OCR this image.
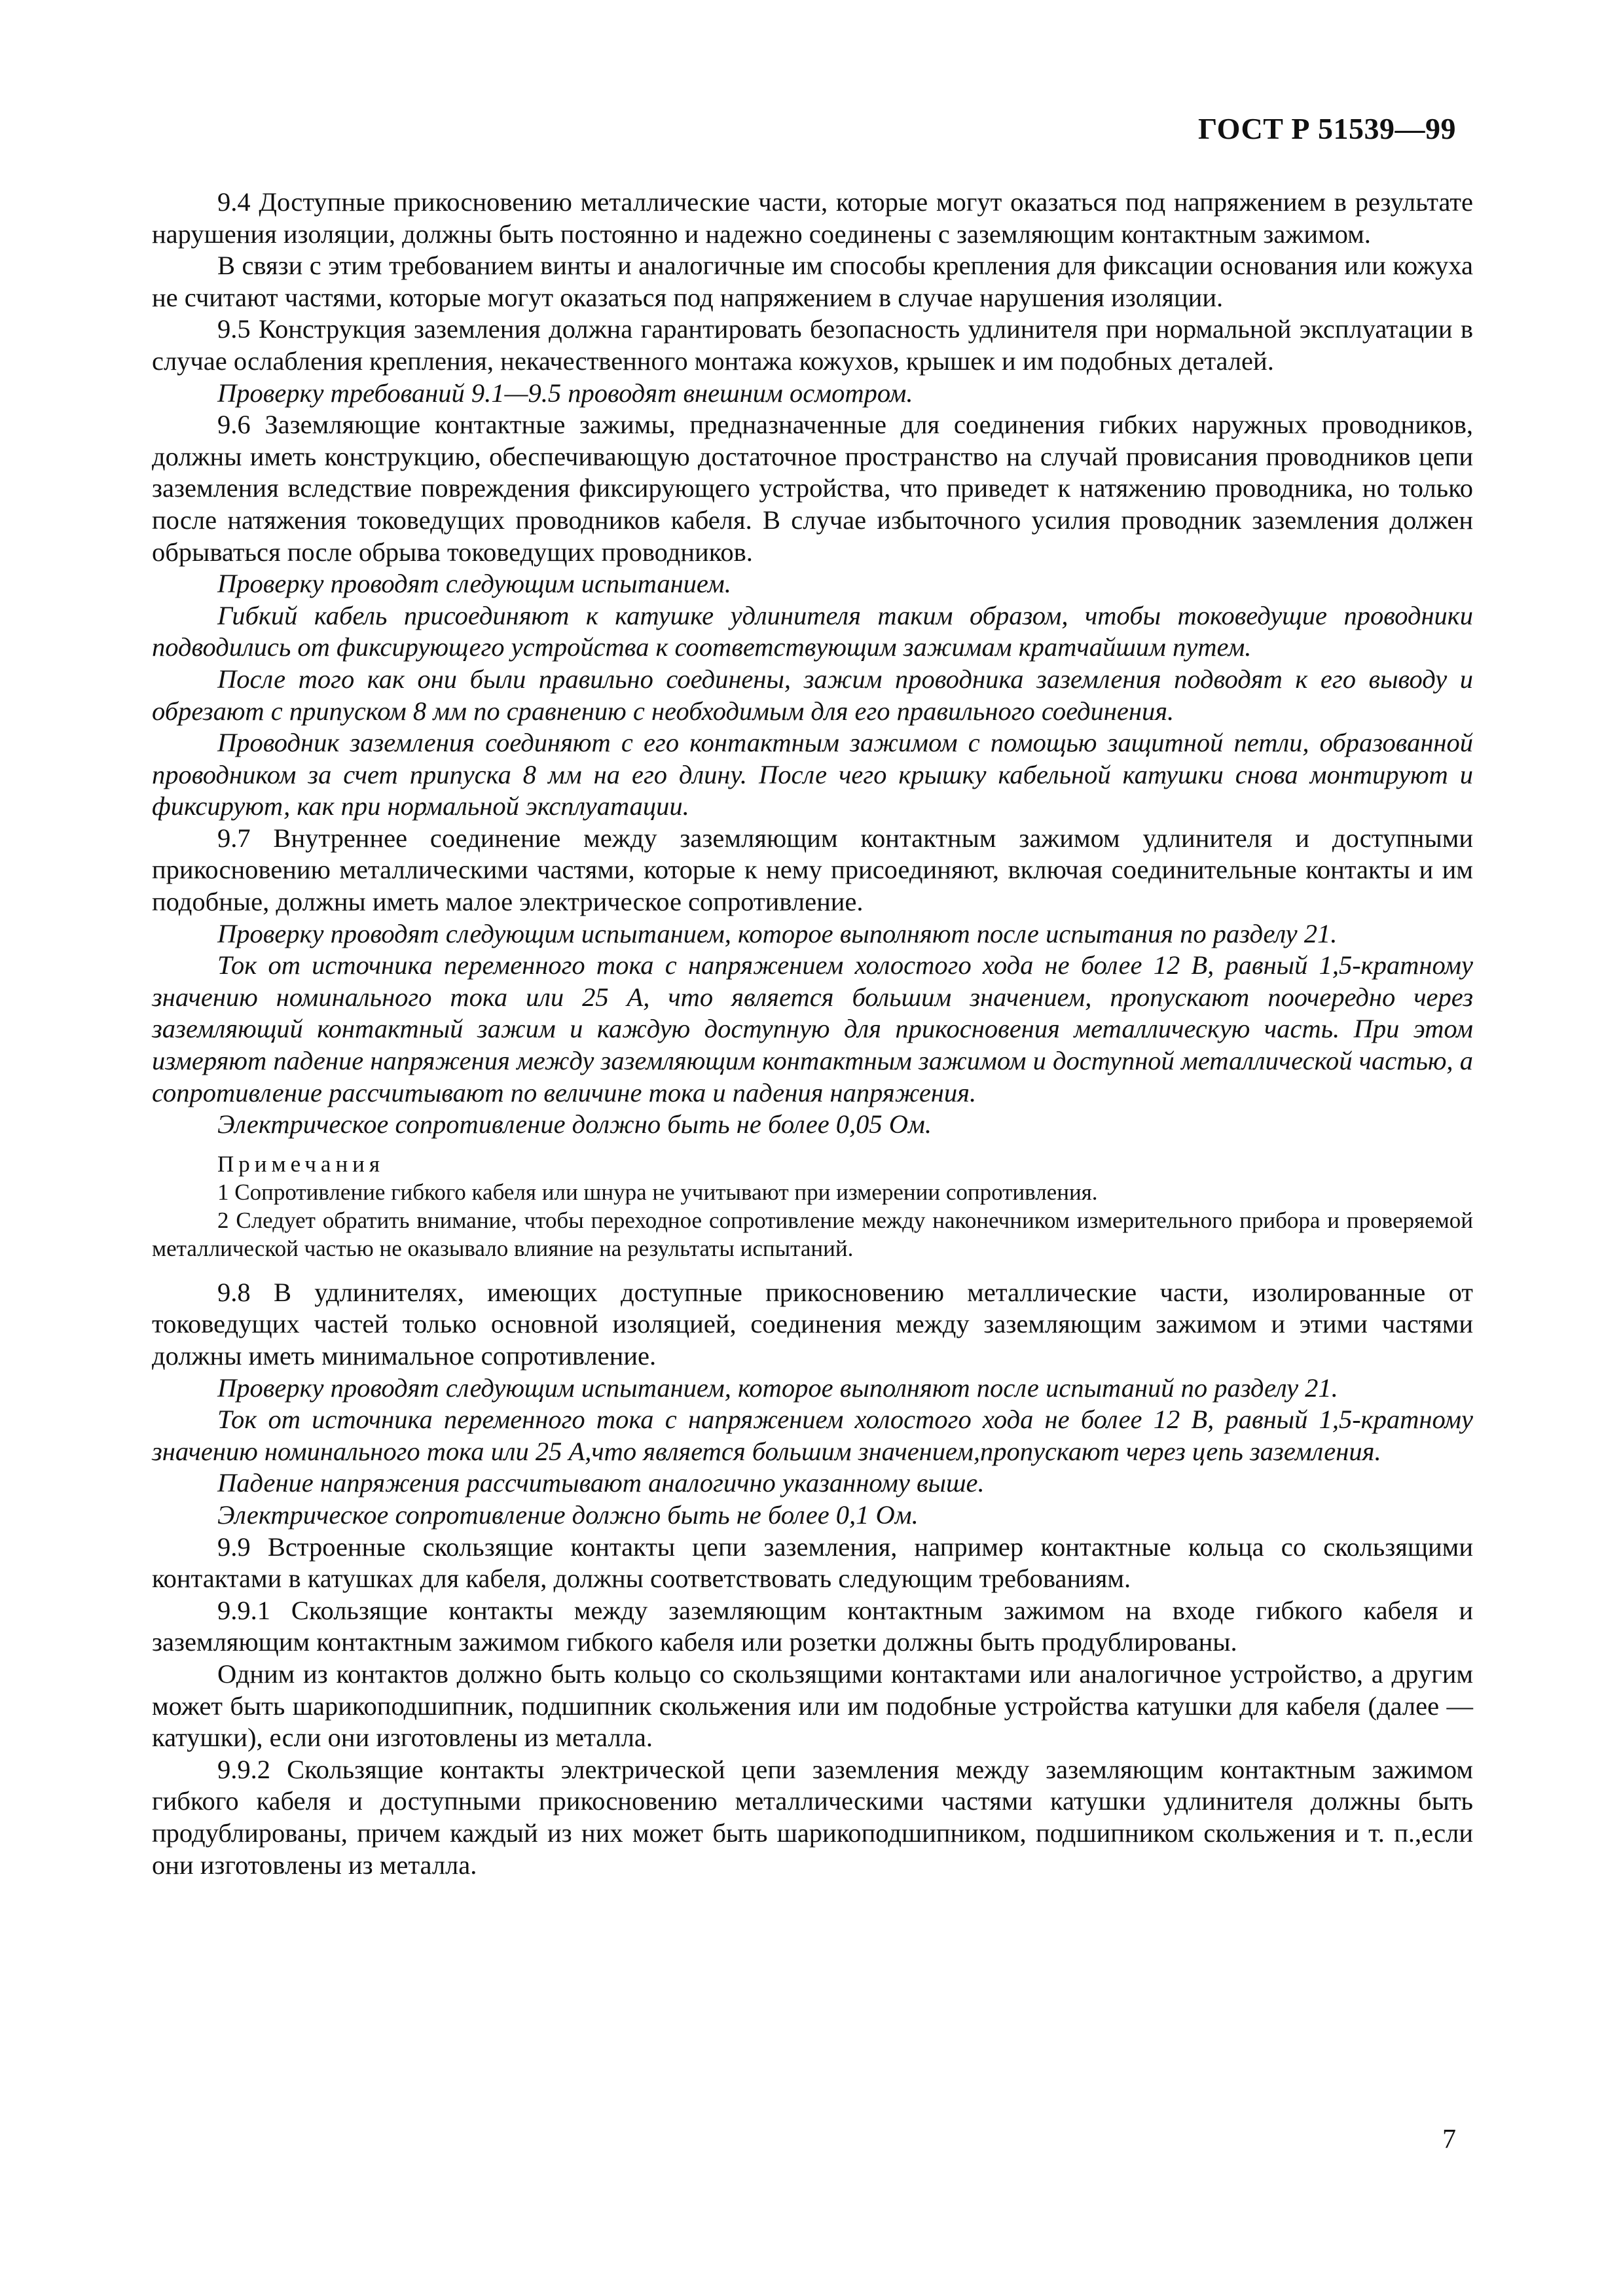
ГОСТ Р 51539—99

9.4 Доступные прикосновению металлические части, которые могут оказаться под напряжением в результате нарушения изоляции, должны быть постоянно и надежно соединены с заземляющим контактным зажимом.

В связи с этим требованием винты и аналогичные им способы крепления для фиксации основания или кожуха не считают частями, которые могут оказаться под напряжением в случае нарушения изоляции.

9.5 Конструкция заземления должна гарантировать безопасность удлинителя при нормальной эксплуатации в случае ослабления крепления, некачественного монтажа кожухов, крышек и им подобных деталей.

Проверку требований 9.1—9.5 проводят внешним осмотром.

9.6 Заземляющие контактные зажимы, предназначенные для соединения гибких наружных проводников, должны иметь конструкцию, обеспечивающую достаточное пространство на случай провисания проводников цепи заземления вследствие повреждения фиксирующего устройства, что приведет к натяжению проводника, но только после натяжения токоведущих проводников кабеля. В случае избыточного усилия проводник заземления должен обрываться после обрыва токоведущих проводников.

Проверку проводят следующим испытанием.

Гибкий кабель присоединяют к катушке удлинителя таким образом, чтобы токоведущие проводники подводились от фиксирующего устройства к соответствующим зажимам кратчайшим путем.

После того как они были правильно соединены, зажим проводника заземления подводят к его выводу и обрезают с припуском 8 мм по сравнению с необходимым для его правильного соединения.

Проводник заземления соединяют с его контактным зажимом с помощью защитной петли, образованной проводником за счет припуска 8 мм на его длину. После чего крышку кабельной катушки снова монтируют и фиксируют, как при нормальной эксплуатации.

9.7 Внутреннее соединение между заземляющим контактным зажимом удлинителя и доступными прикосновению металлическими частями, которые к нему присоединяют, включая соединительные контакты и им подобные, должны иметь малое электрическое сопротивление.

Проверку проводят следующим испытанием, которое выполняют после испытания по разделу 21.

Ток от источника переменного тока с напряжением холостого хода не более 12 В, равный 1,5-кратному значению номинального тока или 25 А, что является большим значением, пропускают поочередно через заземляющий контактный зажим и каждую доступную для прикосновения металлическую часть. При этом измеряют падение напряжения между заземляющим контактным зажимом и доступной металлической частью, а сопротивление рассчитывают по величине тока и падения напряжения.

Электрическое сопротивление должно быть не более 0,05 Ом.

Примечания

1 Сопротивление гибкого кабеля или шнура не учитывают при измерении сопротивления.

2 Следует обратить внимание, чтобы переходное сопротивление между наконечником измерительного прибора и проверяемой металлической частью не оказывало влияние на результаты испытаний.

9.8 В удлинителях, имеющих доступные прикосновению металлические части, изолированные от токоведущих частей только основной изоляцией, соединения между заземляющим зажимом и этими частями должны иметь минимальное сопротивление.

Проверку проводят следующим испытанием, которое выполняют после испытаний по разделу 21.

Ток от источника переменного тока с напряжением холостого хода не более 12 В, равный 1,5-кратному значению номинального тока или 25 А,что является большим значением,пропускают через цепь заземления.

Падение напряжения рассчитывают аналогично указанному выше.

Электрическое сопротивление должно быть не более 0,1 Ом.

9.9 Встроенные скользящие контакты цепи заземления, например контактные кольца со скользящими контактами в катушках для кабеля, должны соответствовать следующим требованиям.

9.9.1 Скользящие контакты между заземляющим контактным зажимом на входе гибкого кабеля и заземляющим контактным зажимом гибкого кабеля или розетки должны быть продублированы.

Одним из контактов должно быть кольцо со скользящими контактами или аналогичное устройство, а другим может быть шарикоподшипник, подшипник скольжения или им подобные устройства катушки для кабеля (далее — катушки), если они изготовлены из металла.

9.9.2 Скользящие контакты электрической цепи заземления между заземляющим контактным зажимом гибкого кабеля и доступными прикосновению металлическими частями катушки удлинителя должны быть продублированы, причем каждый из них может быть шарикоподшипником, подшипником скольжения и т. п.,если они изготовлены из металла.

7
